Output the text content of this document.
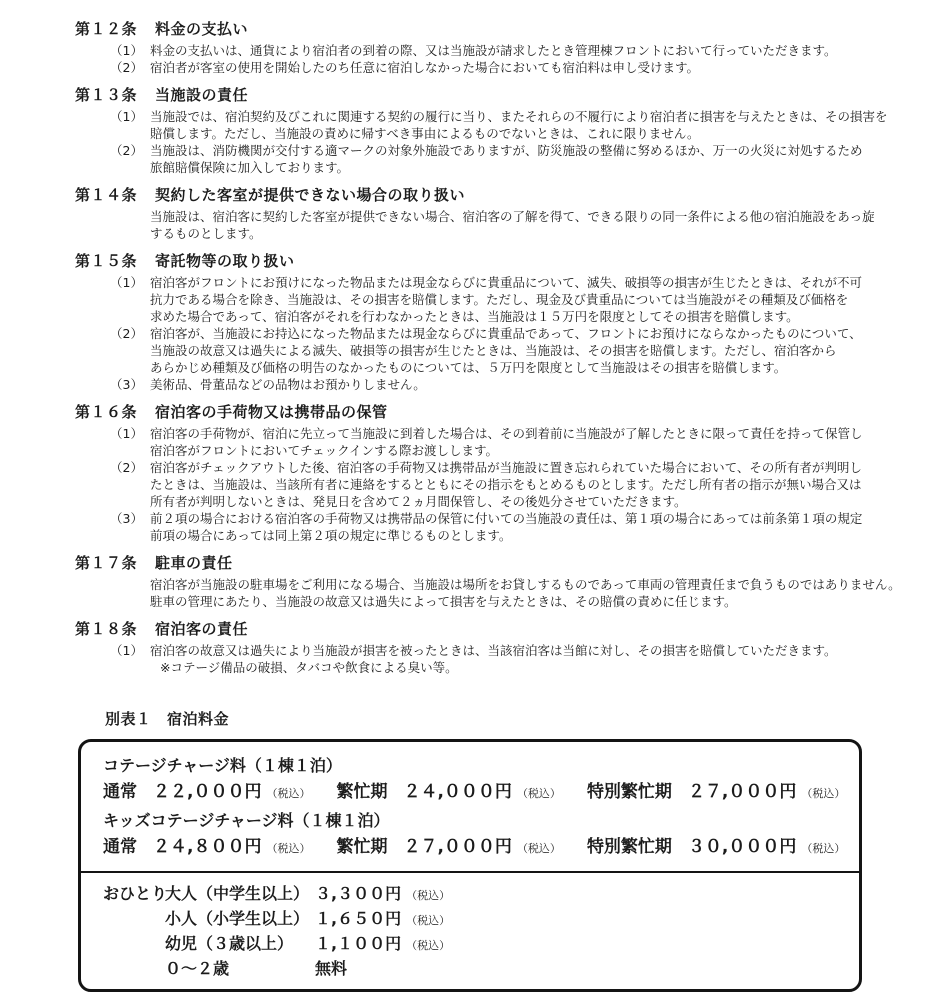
第１２条 料金の支払い
（1） 料金の支払いは、通貨により宿泊者の到着の際、又は当施設が請求したとき管理棟フロントにおいて行っていただきます。
（2） 宿泊者が客室の使用を開始したのち任意に宿泊しなかった場合においても宿泊料は申し受けます。
第１３条 当施設の責任
（1） 当施設では、宿泊契約及びこれに関連する契約の履行に当り、またそれらの不履行により宿泊者に損害を与えたときは、その損害を
賠償します。ただし、当施設の責めに帰すべき事由によるものでないときは、これに限りません。
（2） 当施設は、消防機関が交付する適マークの対象外施設でありますが、防災施設の整備に努めるほか、万一の火災に対処するため
旅館賠償保険に加入しております。
第１４条 契約した客室が提供できない場合の取り扱い
当施設は、宿泊客に契約した客室が提供できない場合、宿泊客の了解を得て、できる限りの同一条件による他の宿泊施設をあっ旋
するものとします。
第１５条 寄託物等の取り扱い
（1） 宿泊客がフロントにお預けになった物品または現金ならびに貴重品について、滅失、破損等の損害が生じたときは、それが不可
抗力である場合を除き、当施設は、その損害を賠償します。ただし、現金及び貴重品については当施設がその種類及び価格を
求めた場合であって、宿泊客がそれを行わなかったときは、当施設は１５万円を限度としてその損害を賠償します。
（2） 宿泊客が、当施設にお持込になった物品または現金ならびに貴重品であって、フロントにお預けにならなかったものについて、
当施設の故意又は過失による滅失、破損等の損害が生じたときは、当施設は、その損害を賠償します。ただし、宿泊客から
あらかじめ種類及び価格の明告のなかったものについては、５万円を限度として当施設はその損害を賠償します。
（3） 美術品、骨董品などの品物はお預かりしません。
第１６条 宿泊客の手荷物又は携帯品の保管
（1） 宿泊客の手荷物が、宿泊に先立って当施設に到着した場合は、その到着前に当施設が了解したときに限って責任を持って保管し
宿泊客がフロントにおいてチェックインする際お渡しします。
（2） 宿泊客がチェックアウトした後、宿泊客の手荷物又は携帯品が当施設に置き忘れられていた場合において、その所有者が判明し
たときは、当施設は、当該所有者に連絡をするとともにその指示をもとめるものとします。ただし所有者の指示が無い場合又は
所有者が判明しないときは、発見日を含めて２ヵ月間保管し、その後処分させていただきます。
（3） 前２項の場合における宿泊客の手荷物又は携帯品の保管に付いての当施設の責任は、第１項の場合にあっては前条第１項の規定
前項の場合にあっては同上第２項の規定に準じるものとします。
第１７条 駐車の責任
宿泊客が当施設の駐車場をご利用になる場合、当施設は場所をお貸しするものであって車両の管理責任まで負うものではありません。
駐車の管理にあたり、当施設の故意又は過失によって損害を与えたときは、その賠償の責めに任じます。
第１８条 宿泊客の責任
（1） 宿泊客の故意又は過失により当施設が損害を被ったときは、当該宿泊客は当館に対し、その損害を賠償していただきます。
※コテージ備品の破損、タバコや飲食による臭い等。
別表１　宿泊料金
コテージチャージ料（１棟１泊）
通常 ２２,０００円 （税込） 繁忙期 ２４,０００円 （税込） 特別繁忙期 ２７,０００円 （税込）
キッズコテージチャージ料（１棟１泊）
通常 ２４,８００円 （税込） 繁忙期 ２７,０００円 （税込） 特別繁忙期 ３０,０００円 （税込）
おひとり
大人（中学生以上） ３,３００円 （税込）
小人（小学生以上） １,６５０円 （税込）
幼児（３歳以上）	１,１００円 （税込）
０～２歳	無料
